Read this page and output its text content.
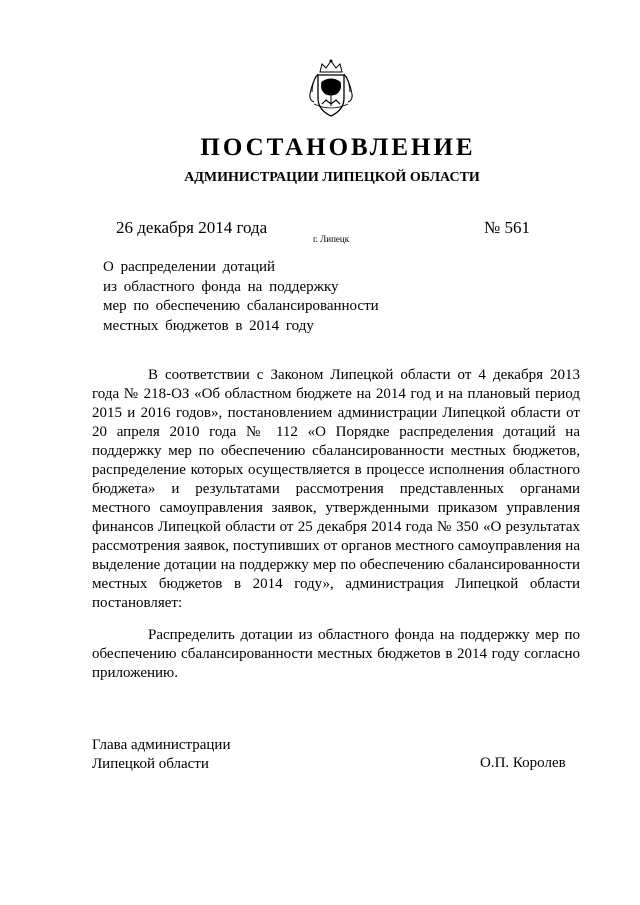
ПОСТАНОВЛЕНИЕ
АДМИНИСТРАЦИИ ЛИПЕЦКОЙ ОБЛАСТИ
26 декабря 2014 года
г. Липецк
№ 561
О распределении дотаций
из областного фонда на поддержку
мер по обеспечению сбалансированности
местных бюджетов в 2014 году

В соответствии с Законом Липецкой области от 4 декабря 2013 года № 218-ОЗ «Об областном бюджете на 2014 год и на плановый период 2015 и 2016 годов», постановлением администрации Липецкой области от 20 апреля 2010 года № 112 «О Порядке распределения дотаций на поддержку мер по обеспечению сбалансированности местных бюджетов, распределение которых осуществляется в процессе исполнения областного бюджета» и результатами рассмотрения представленных органами местного самоуправления заявок, утвержденными приказом управления финансов Липецкой области от 25 декабря 2014 года № 350 «О результатах рассмотрения заявок, поступивших от органов местного самоуправления на выделение дотации на поддержку мер по обеспечению сбалансированности местных бюджетов в 2014 году», администрация Липецкой области постановляет:

Распределить дотации из областного фонда на поддержку мер по обеспечению сбалансированности местных бюджетов в 2014 году согласно приложению.

Глава администрации
Липецкой области	О.П. Королев
